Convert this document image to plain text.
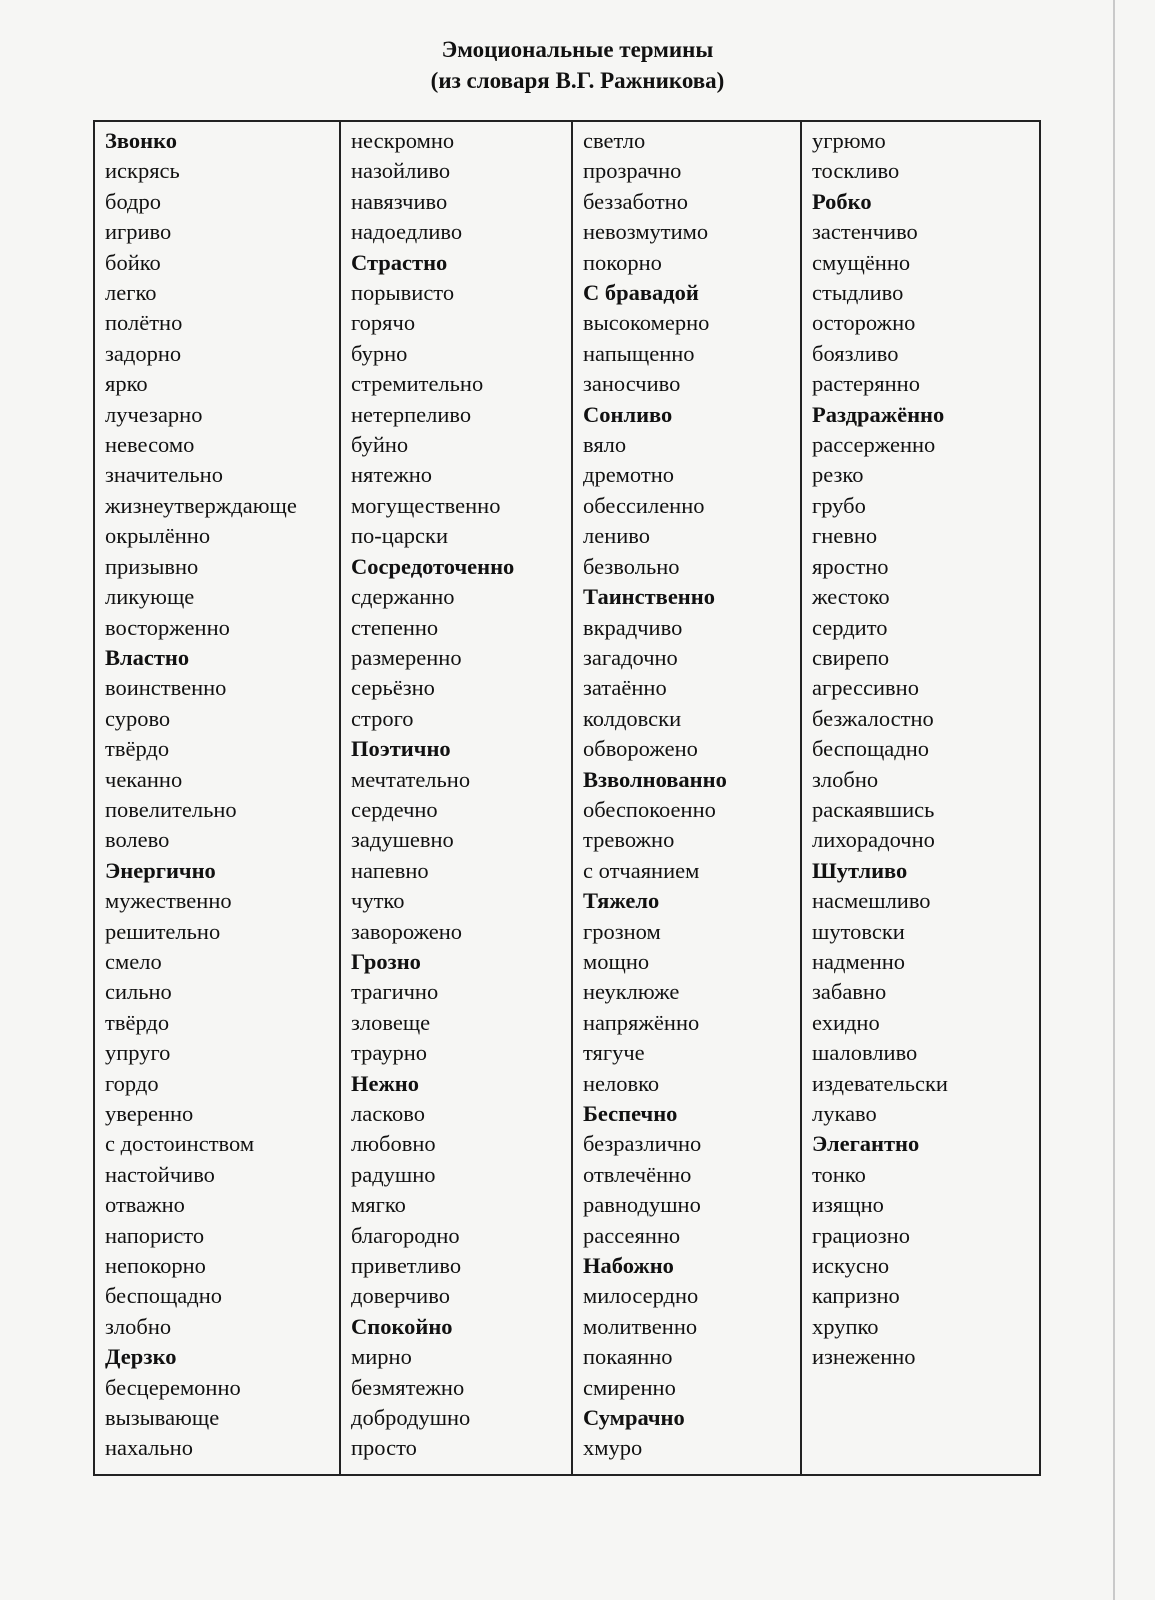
Эмоциональные термины
(из словаря В.Г. Ражникова)
Звонко
искрясь
бодро
игриво
бойко
легко
полётно
задорно
ярко
лучезарно
невесомо
значительно
жизнеутверждающе
окрылённо
призывно
ликующе
восторженно
Властно
воинственно
сурово
твёрдо
чеканно
повелительно
волево
Энергично
мужественно
решительно
смело
сильно
твёрдо
упруго
гордо
уверенно
с достоинством
настойчиво
отважно
напористо
непокорно
беспощадно
злобно
Дерзко
бесцеремонно
вызывающе
нахально
нескромно
назойливо
навязчиво
надоедливо
Страстно
порывисто
горячо
бурно
стремительно
нетерпеливо
буйно
нятежно
могущественно
по-царски
Сосредоточенно
сдержанно
степенно
размеренно
серьёзно
строго
Поэтично
мечтательно
сердечно
задушевно
напевно
чутко
заворожено
Грозно
трагично
зловеще
траурно
Нежно
ласково
любовно
радушно
мягко
благородно
приветливо
доверчиво
Спокойно
мирно
безмятежно
добродушно
просто
светло
прозрачно
беззаботно
невозмутимо
покорно
С бравадой
высокомерно
напыщенно
заносчиво
Сонливо
вяло
дремотно
обессиленно
лениво
безвольно
Таинственно
вкрадчиво
загадочно
затаённо
колдовски
обворожено
Взволнованно
обеспокоенно
тревожно
с отчаянием
Тяжело
грозном
мощно
неуклюже
напряжённо
тягуче
неловко
Беспечно
безразлично
отвлечённо
равнодушно
рассеянно
Набожно
милосердно
молитвенно
покаянно
смиренно
Сумрачно
хмуро
угрюмо
тоскливо
Робко
застенчиво
смущённо
стыдливо
осторожно
боязливо
растерянно
Раздражённо
рассерженно
резко
грубо
гневно
яростно
жестоко
сердито
свирепо
агрессивно
безжалостно
беспощадно
злобно
раскаявшись
лихорадочно
Шутливо
насмешливо
шутовски
надменно
забавно
ехидно
шаловливо
издевательски
лукаво
Элегантно
тонко
изящно
грациозно
искусно
капризно
хрупко
изнеженно
